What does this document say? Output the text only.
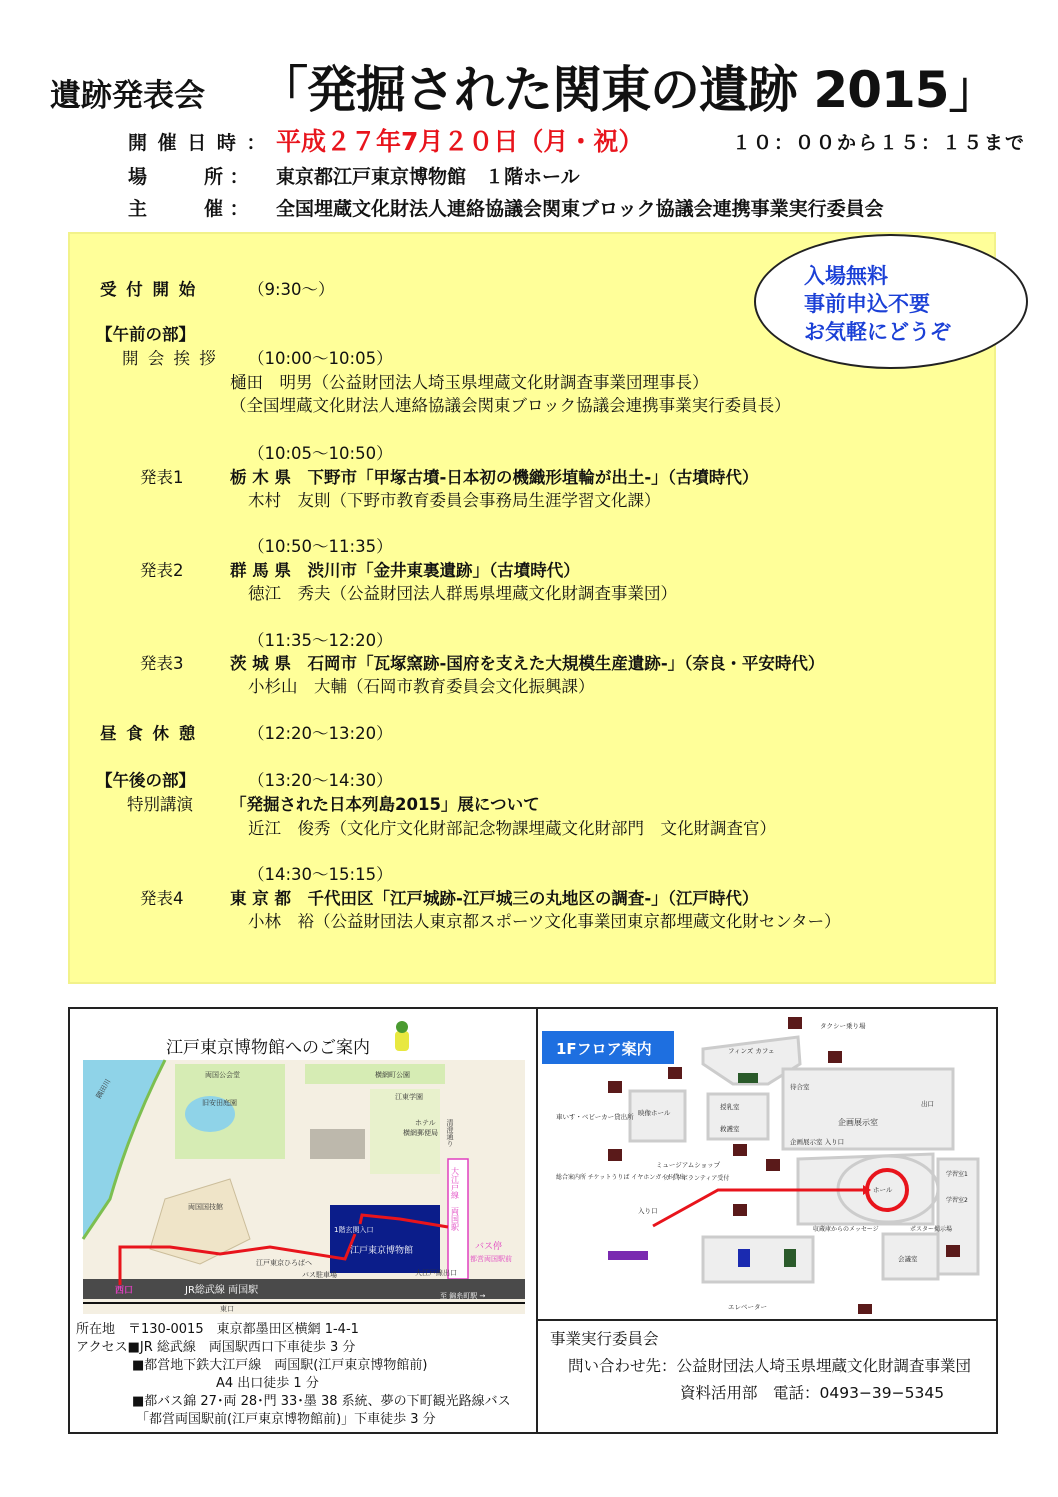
遺跡発表会 「発掘された関東の遺跡 2015」
開 催 日 時 ： 平成２７年7月２０日（月・祝）	１０：００から１５：１５まで
場　　　所 ： 東京都江戸東京博物館　１階ホール
主　　　催 ： 全国埋蔵文化財法人連絡協議会関東ブロック協議会連携事業実行委員会
入場無料
事前申込不要
お気軽にどうぞ
受 付 開 始	（9:30〜）
【午前の部】
開 会 挨 拶 （10:00〜10:05）
樋田　明男（公益財団法人埼玉県埋蔵文化財調査事業団理事長）
（全国埋蔵文化財法人連絡協議会関東ブロック協議会連携事業実行委員長）
（10:05〜10:50）
発表1	栃 木 県　下野市「甲塚古墳-日本初の機織形埴輪が出土-」（古墳時代）
木村　友則（下野市教育委員会事務局生涯学習文化課）
（10:50〜11:35）
発表2	群 馬 県　渋川市「金井東裏遺跡」（古墳時代）
徳江　秀夫（公益財団法人群馬県埋蔵文化財調査事業団）
（11:35〜12:20）
発表3	茨 城 県　石岡市「瓦塚窯跡-国府を支えた大規模生産遺跡-」（奈良・平安時代）
小杉山　大輔（石岡市教育委員会文化振興課）
昼 食 休 憩	（12:20〜13:20）
【午後の部】	（13:20〜14:30）
特別講演 「発掘された日本列島2015」展について
近江　俊秀（文化庁文化財部記念物課埋蔵文化財部門　文化財調査官）
（14:30〜15:15）
発表4	東 京 都　千代田区「江戸城跡-江戸城三の丸地区の調査-」（江戸時代）
小林　裕（公益財団法人東京都スポーツ文化事業団東京都埋蔵文化財センター）
江戸東京博物館へのご案内
隅田川
両国公会堂	横網町公園
旧安田庭園
江東学園
ホテル
横網郵便局 清澄通り
両国国技館
1階玄関入口
江戸東京博物館
江戸東京ひろばへ
バス駐車場	大江戸線出口
大江戸線　両国駅
バス停
都営両国駅前
西口
東口
JR総武線 両国駅	至 錦糸町駅 →
所在地　〒130-0015　東京都墨田区横網 1-4-1
アクセス■JR 総武線　両国駅西口下車徒歩 3 分
■都営地下鉄大江戸線　両国駅(江戸東京博物館前)
A4 出口徒歩 1 分
■都バス錦 27･両 28･門 33･墨 38 系統、夢の下町観光路線バス
「都営両国駅前(江戸東京博物館前)」下車徒歩 3 分
1Fフロア案内
タクシー乗り場
フィンズ カフェ
車いす・ベビーカー貸出所 映像ホール
授乳室
救護室
待合室
企画展示室
企画展示室 入り口
出口
ミュージアムショップ
総合案内所 チケットうりば イヤホンガイド貸出
ガイドボランティア受付
入り口
ホール
学習室1
学習室2
収蔵庫からのメッセージ	ポスター掲示場
会議室
エレベーター
事業実行委員会
問い合わせ先：公益財団法人埼玉県埋蔵文化財調査事業団
資料活用部　電話：0493−39−5345
